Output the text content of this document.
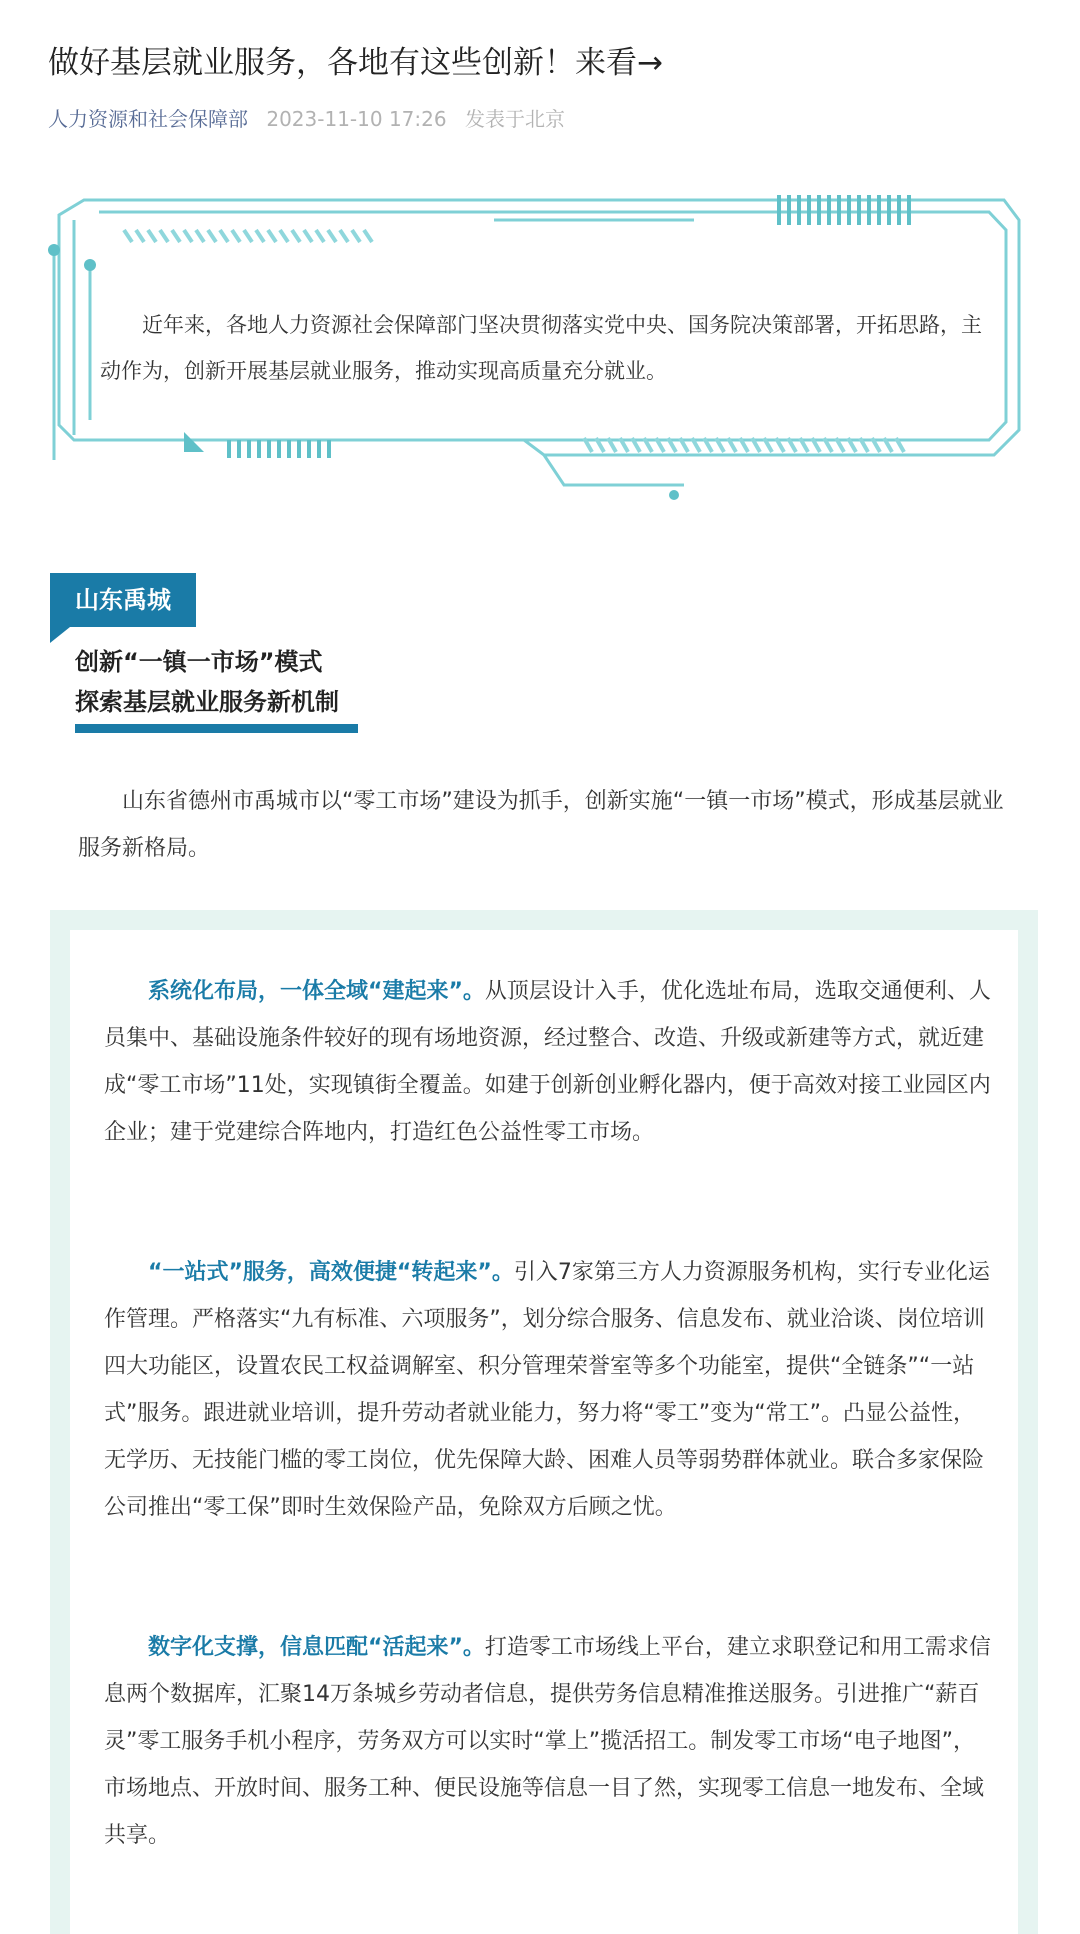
做好基层就业服务，各地有这些创新！来看→
人力资源和社会保障部 2023-11-10 17:26 发表于北京

近年来，各地人力资源社会保障部门坚决贯彻落实党中央、国务院决策部署，开拓思路，主动作为，创新开展基层就业服务，推动实现高质量充分就业。

山东禹城
创新“一镇一市场”模式
探索基层就业服务新机制

山东省德州市禹城市以“零工市场”建设为抓手，创新实施“一镇一市场”模式，形成基层就业服务新格局。

系统化布局，一体全域“建起来”。从顶层设计入手，优化选址布局，选取交通便利、人员集中、基础设施条件较好的现有场地资源，经过整合、改造、升级或新建等方式，就近建成“零工市场”11处，实现镇街全覆盖。如建于创新创业孵化器内，便于高效对接工业园区内企业；建于党建综合阵地内，打造红色公益性零工市场。

“一站式”服务，高效便捷“转起来”。引入7家第三方人力资源服务机构，实行专业化运作管理。严格落实“九有标准、六项服务”，划分综合服务、信息发布、就业洽谈、岗位培训四大功能区，设置农民工权益调解室、积分管理荣誉室等多个功能室，提供“全链条”“一站式”服务。跟进就业培训，提升劳动者就业能力，努力将“零工”变为“常工”。凸显公益性，无学历、无技能门槛的零工岗位，优先保障大龄、困难人员等弱势群体就业。联合多家保险公司推出“零工保”即时生效保险产品，免除双方后顾之忧。

数字化支撑，信息匹配“活起来”。打造零工市场线上平台，建立求职登记和用工需求信息两个数据库，汇聚14万条城乡劳动者信息，提供劳务信息精准推送服务。引进推广“薪百灵”零工服务手机小程序，劳务双方可以实时“掌上”揽活招工。制发零工市场“电子地图”，市场地点、开放时间、服务工种、便民设施等信息一目了然，实现零工信息一地发布、全域共享。
